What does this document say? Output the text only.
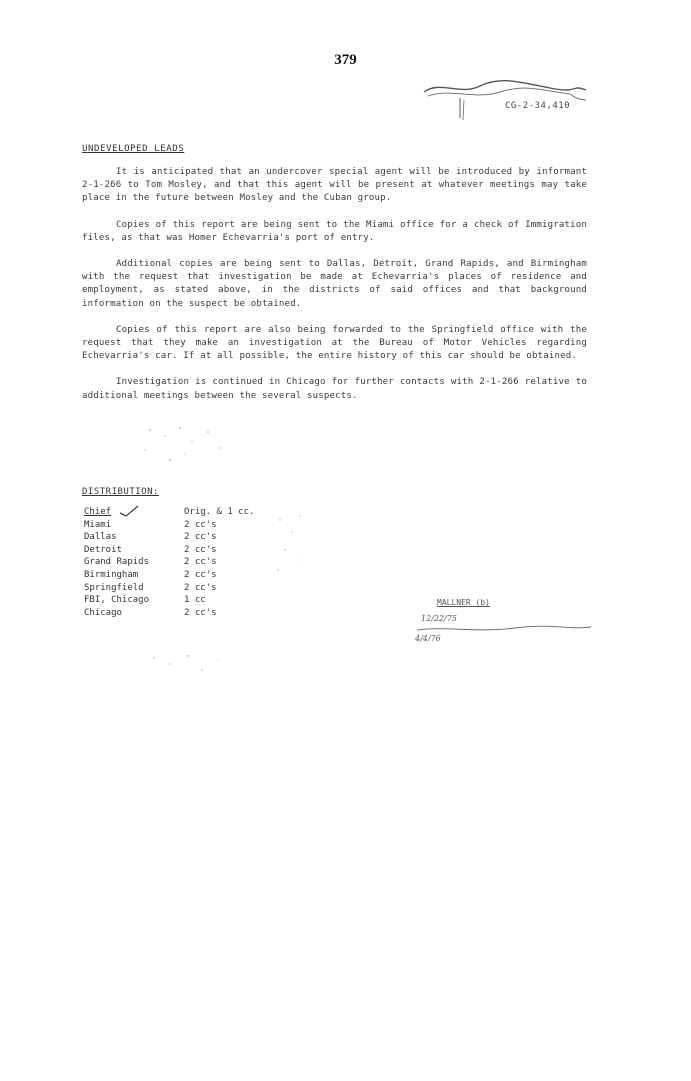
379
CG-2-34,410
UNDEVELOPED LEADS

It is anticipated that an undercover special agent will be introduced by informant 2-1-266 to Tom Mosley, and that this agent will be present at whatever meetings may take place in the future between Mosley and the Cuban group.

Copies of this report are being sent to the Miami office for a check of Immigration files, as that was Homer Echevarria's port of entry.

Additional copies are being sent to Dallas, Detroit, Grand Rapids, and Birmingham with the request that investigation be made at Echevarria's places of residence and employment, as stated above, in the districts of said offices and that background information on the suspect be obtained.

Copies of this report are also being forwarded to the Springfield office with the request that they make an investigation at the Bureau of Motor Vehicles regarding Echevarria's car. If at all possible, the entire history of this car should be obtained.

Investigation is continued in Chicago for further contacts with 2-1-266 relative to additional meetings between the several suspects.

DISTRIBUTION:
Chief	Orig. & 1 cc.
Miami	2 cc's
Dallas	2 cc's
Detroit	2 cc's
Grand Rapids	2 cc's
Birmingham	2 cc's
Springfield	2 cc's
FBI, Chicago	1 cc
Chicago	2 cc's
MALLNER (b)
12/22/75
4/4/76
